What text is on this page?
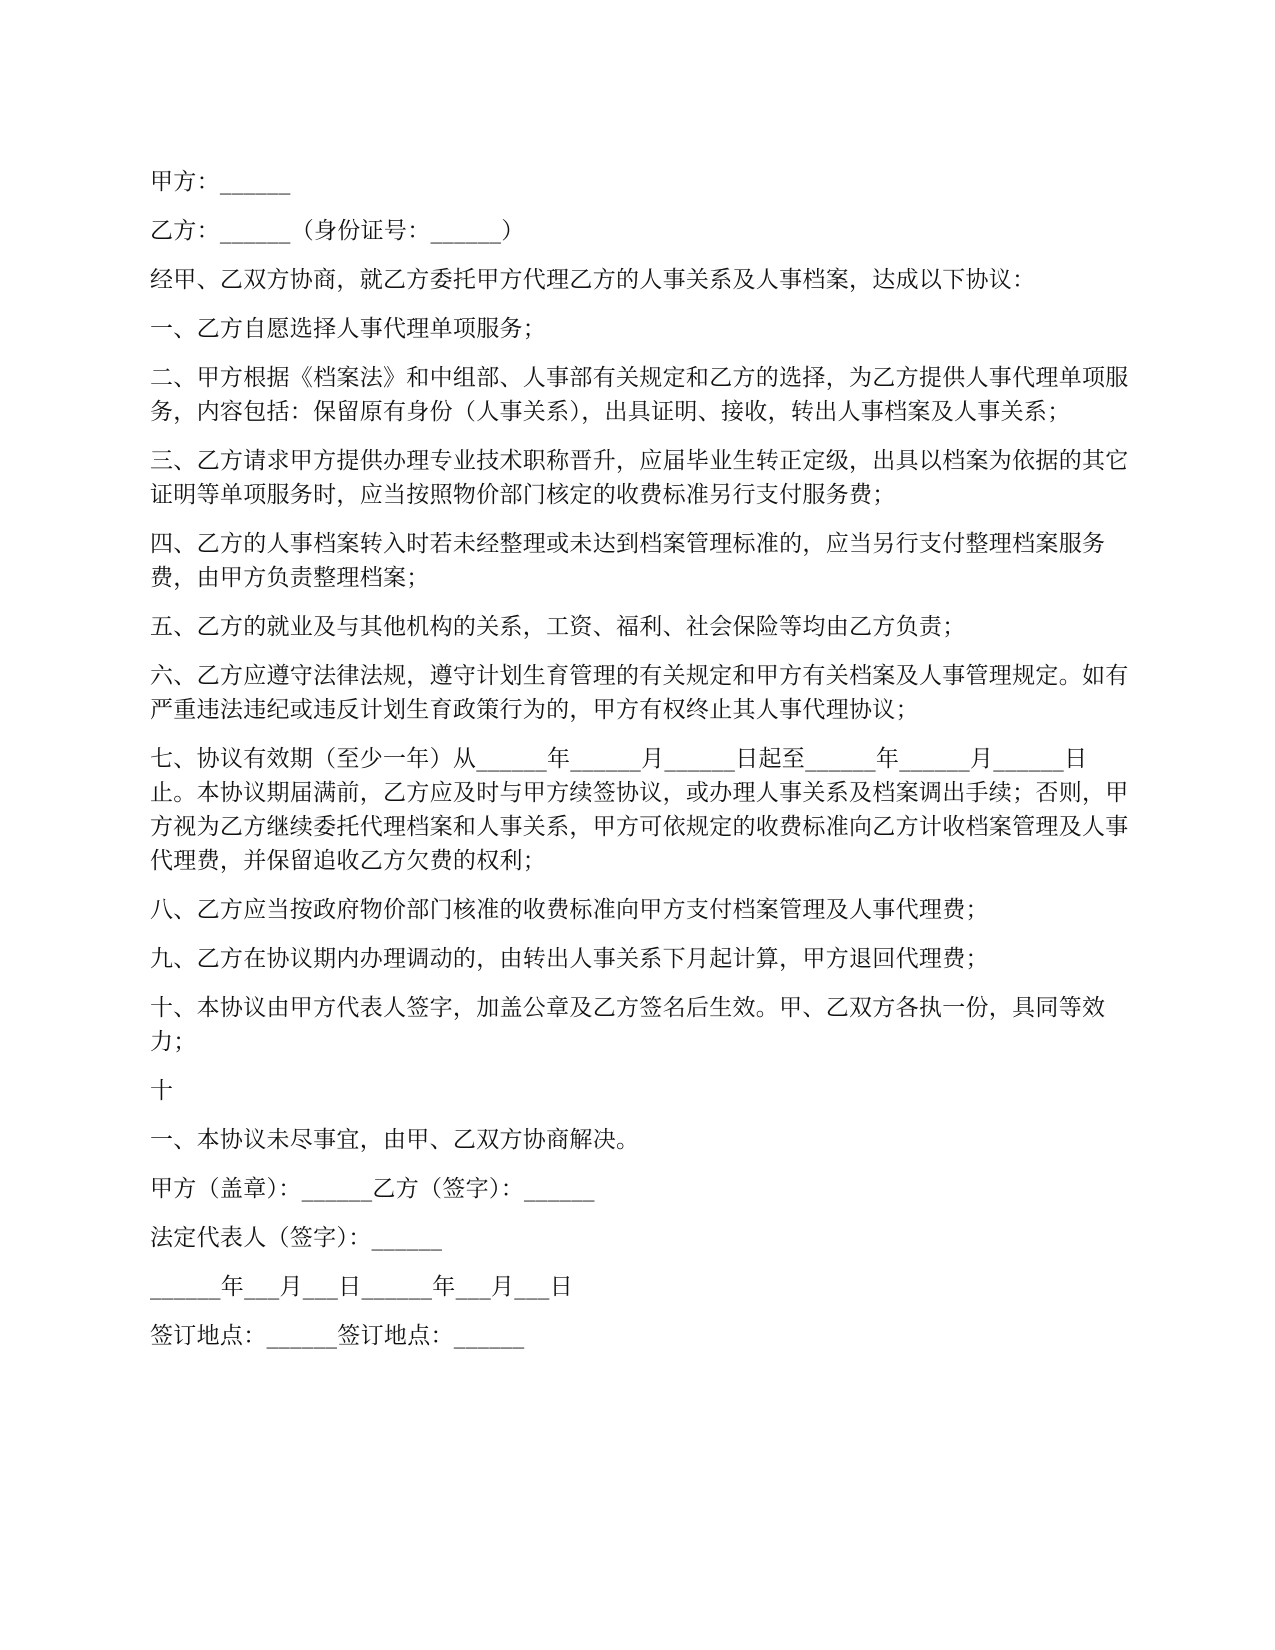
甲方：______

乙方：______（身份证号：______）

经甲、乙双方协商，就乙方委托甲方代理乙方的人事关系及人事档案，达成以下协议：

一、乙方自愿选择人事代理单项服务；

二、甲方根据《档案法》和中组部、人事部有关规定和乙方的选择，为乙方提供人事代理单项服务，内容包括：保留原有身份（人事关系），出具证明、接收，转出人事档案及人事关系；

三、乙方请求甲方提供办理专业技术职称晋升，应届毕业生转正定级，出具以档案为依据的其它证明等单项服务时，应当按照物价部门核定的收费标准另行支付服务费；

四、乙方的人事档案转入时若未经整理或未达到档案管理标准的，应当另行支付整理档案服务费，由甲方负责整理档案；

五、乙方的就业及与其他机构的关系，工资、福利、社会保险等均由乙方负责；

六、乙方应遵守法律法规，遵守计划生育管理的有关规定和甲方有关档案及人事管理规定。如有严重违法违纪或违反计划生育政策行为的，甲方有权终止其人事代理协议；

七、协议有效期（至少一年）从______年______月______日起至______年______月______日止。本协议期届满前，乙方应及时与甲方续签协议，或办理人事关系及档案调出手续；否则，甲方视为乙方继续委托代理档案和人事关系，甲方可依规定的收费标准向乙方计收档案管理及人事代理费，并保留追收乙方欠费的权利；

八、乙方应当按政府物价部门核准的收费标准向甲方支付档案管理及人事代理费；

九、乙方在协议期内办理调动的，由转出人事关系下月起计算，甲方退回代理费；

十、本协议由甲方代表人签字，加盖公章及乙方签名后生效。甲、乙双方各执一份，具同等效力；

十

一、本协议未尽事宜，由甲、乙双方协商解决。

甲方（盖章）：______乙方（签字）：______

法定代表人（签字）：______

______年___月___日______年___月___日

签订地点：______签订地点：______
